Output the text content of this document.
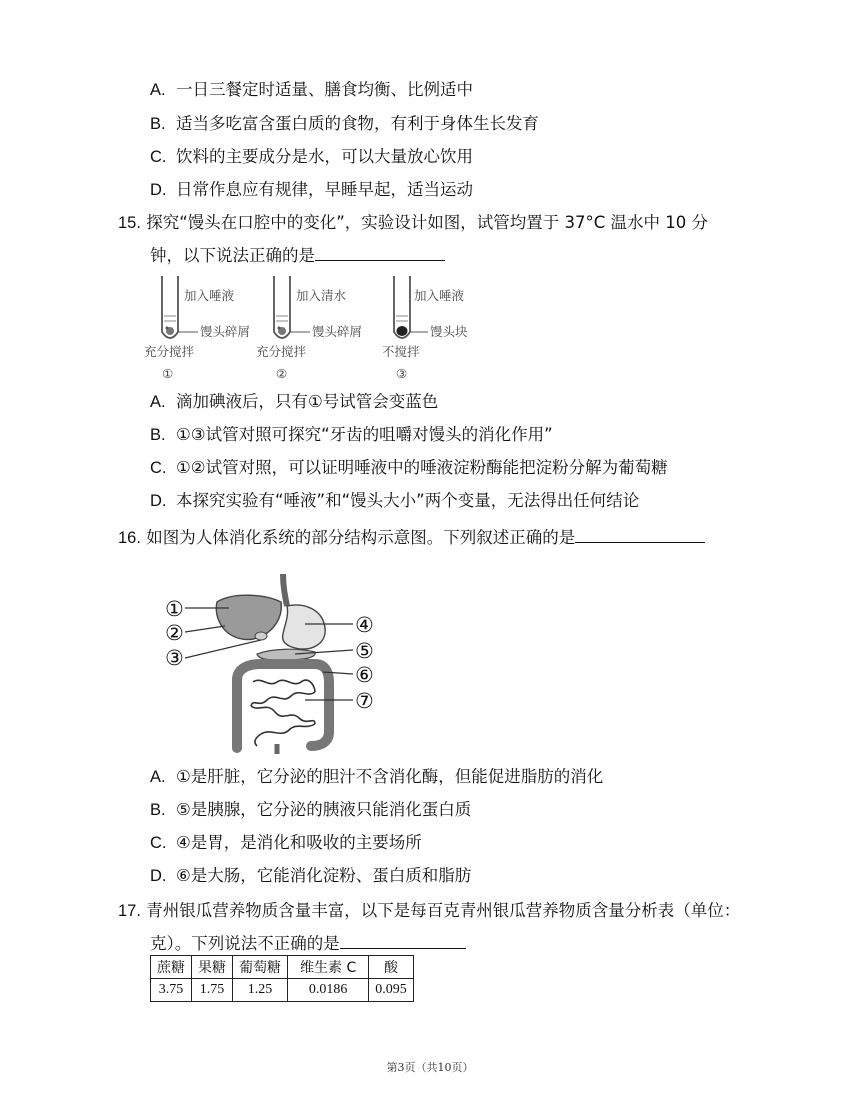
A. 一日三餐定时适量、膳食均衡、比例适中
B. 适当多吃富含蛋白质的食物，有利于身体生长发育
C. 饮料的主要成分是水，可以大量放心饮用
D. 日常作息应有规律，早睡早起，适当运动
15. 探究“馒头在口腔中的变化”，实验设计如图，试管均置于 37°C 温水中 10 分
钟，以下说法正确的是
加入唾液
馒头碎屑
充分搅拌
①
加入清水
馒头碎屑
充分搅拌
②
加入唾液
馒头块
不搅拌
③
A. 滴加碘液后，只有①号试管会变蓝色
B. ①③试管对照可探究“牙齿的咀嚼对馒头的消化作用”
C. ①②试管对照，可以证明唾液中的唾液淀粉酶能把淀粉分解为葡萄糖
D. 本探究实验有“唾液”和“馒头大小”两个变量，无法得出任何结论
16. 如图为人体消化系统的部分结构示意图。下列叙述正确的是
①
②
③
④
⑤
⑥
⑦
A. ①是肝脏，它分泌的胆汁不含消化酶，但能促进脂肪的消化
B. ⑤是胰腺，它分泌的胰液只能消化蛋白质
C. ④是胃，是消化和吸收的主要场所
D. ⑥是大肠，它能消化淀粉、蛋白质和脂肪
17. 青州银瓜营养物质含量丰富，以下是每百克青州银瓜营养物质含量分析表（单位：
克）。下列说法不正确的是
蔗糖	果糖	葡萄糖	维生素 C	酸
3.75	1.75	1.25	0.0186	0.095
第3页（共10页）
